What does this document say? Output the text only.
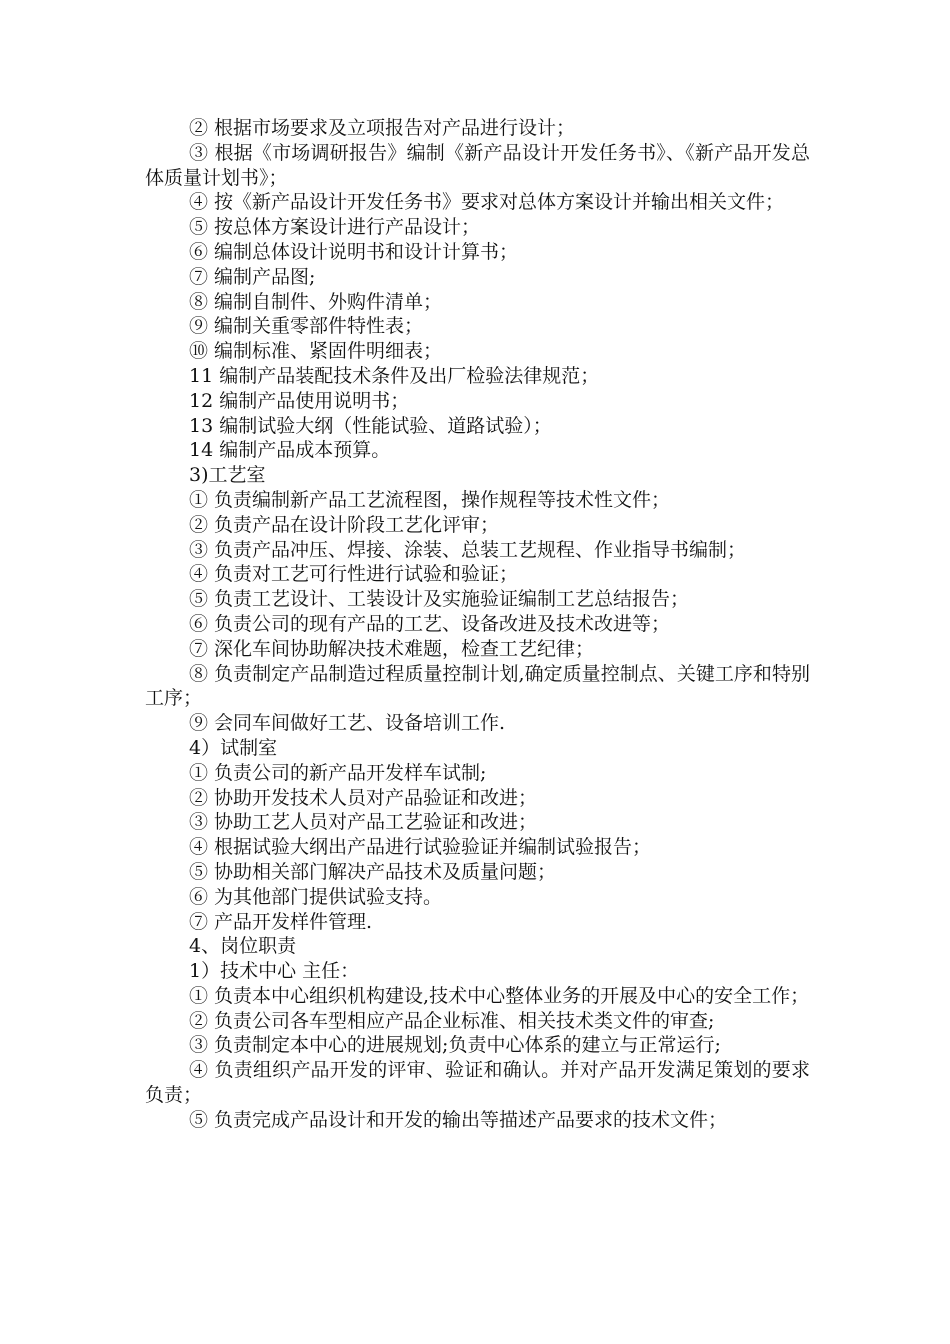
② 根据市场要求及立项报告对产品进行设计；

③ 根据《市场调研报告》编制《新产品设计开发任务书》、《新产品开发总体质量计划书》；

④ 按《新产品设计开发任务书》要求对总体方案设计并输出相关文件；

⑤ 按总体方案设计进行产品设计；

⑥ 编制总体设计说明书和设计计算书；

⑦ 编制产品图;

⑧ 编制自制件、外购件清单；

⑨ 编制关重零部件特性表；

⑩ 编制标准、紧固件明细表；

11 编制产品装配技术条件及出厂检验法律规范；

12 编制产品使用说明书；

13 编制试验大纲（性能试验、道路试验）；

14 编制产品成本预算。

3)工艺室

① 负责编制新产品工艺流程图，操作规程等技术性文件；

② 负责产品在设计阶段工艺化评审；

③ 负责产品冲压、焊接、涂装、总装工艺规程、作业指导书编制；

④ 负责对工艺可行性进行试验和验证；

⑤ 负责工艺设计、工装设计及实施验证编制工艺总结报告；

⑥ 负责公司的现有产品的工艺、设备改进及技术改进等；

⑦ 深化车间协助解决技术难题，检查工艺纪律；

⑧ 负责制定产品制造过程质量控制计划,确定质量控制点、关键工序和特别工序；

⑨ 会同车间做好工艺、设备培训工作.

4）试制室

① 负责公司的新产品开发样车试制;

② 协助开发技术人员对产品验证和改进；

③ 协助工艺人员对产品工艺验证和改进；

④ 根据试验大纲出产品进行试验验证并编制试验报告；

⑤ 协助相关部门解决产品技术及质量问题；

⑥ 为其他部门提供试验支持。

⑦ 产品开发样件管理.

4、岗位职责

1）技术中心 主任：

① 负责本中心组织机构建设,技术中心整体业务的开展及中心的安全工作；

② 负责公司各车型相应产品企业标准、相关技术类文件的审查;

③ 负责制定本中心的进展规划;负责中心体系的建立与正常运行;

④ 负责组织产品开发的评审、验证和确认。并对产品开发满足策划的要求负责；

⑤ 负责完成产品设计和开发的输出等描述产品要求的技术文件；
